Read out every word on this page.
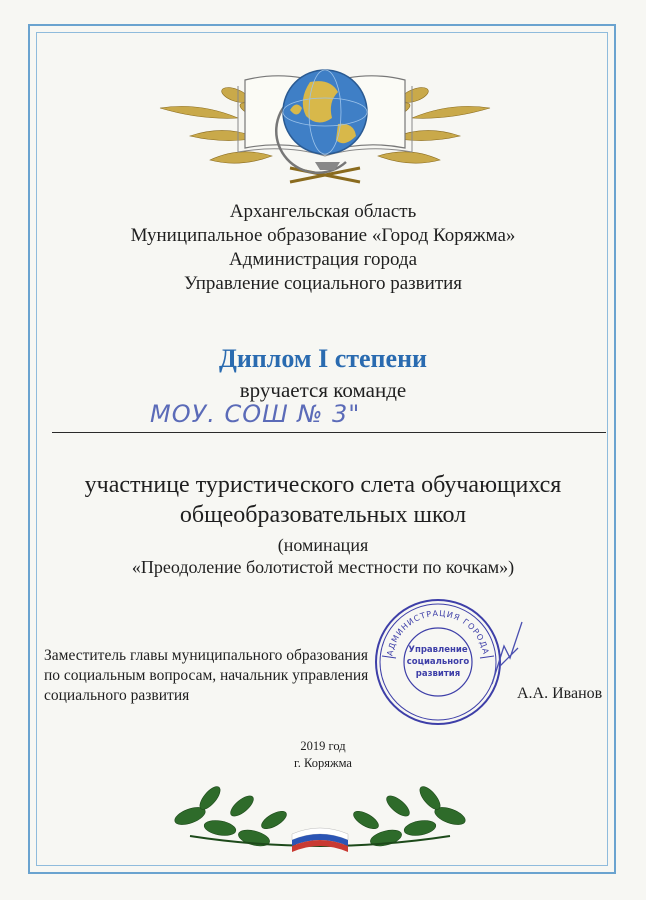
Архангельская область
Муниципальное образование «Город Коряжма»
Администрация города
Управление социального развития
Диплом I степени
вручается команде
МОУ. СОШ № 3"
участнице туристического слета обучающихся
общеобразовательных школ
(номинация
«Преодоление болотистой местности по кочкам»)
АДМИНИСТРАЦИЯ ГОРОДА
Управление
социального
развития
Заместитель главы муниципального образования
по социальным вопросам, начальник управления
социального развития	А.А. Иванов
2019 год
г. Коряжма
